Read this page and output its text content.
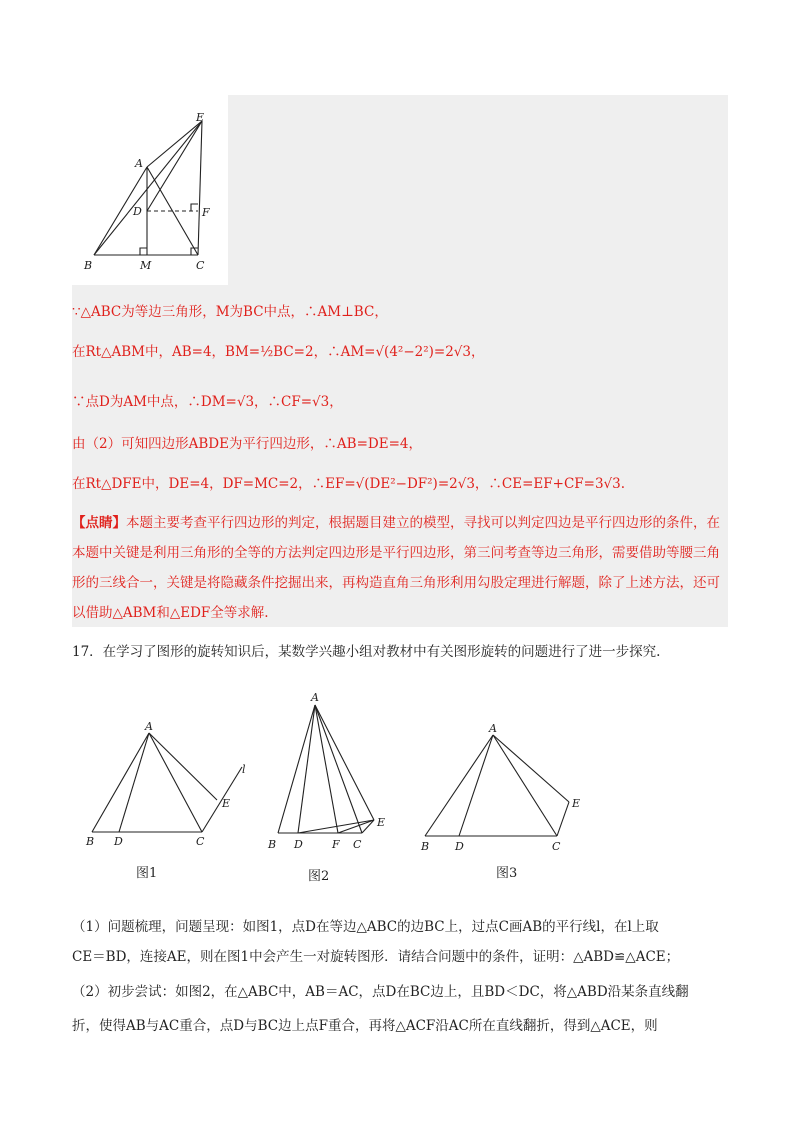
A
B	C
D
E
F
M
∵△ABC为等边三角形，M为BC中点，∴AM⊥BC，
在Rt△ABM中，AB=4，BM=½BC=2，∴AM=√(4²−2²)=2√3，
∵点D为AM中点，∴DM=√3，∴CF=√3，
由（2）可知四边形ABDE为平行四边形，∴AB=DE=4，
在Rt△DFE中，DE=4，DF=MC=2，∴EF=√(DE²−DF²)=2√3，∴CE=EF+CF=3√3.
【点睛】本题主要考查平行四边形的判定，根据题目建立的模型，寻找可以判定四边是平行四边形的条件，在本题中关键是利用三角形的全等的方法判定四边形是平行四边形，第三问考查等边三角形，需要借助等腰三角形的三线合一，关键是将隐藏条件挖掘出来，再构造直角三角形利用勾股定理进行解题，除了上述方法，还可以借助△ABM和△EDF全等求解.
17．在学习了图形的旋转知识后，某数学兴趣小组对教材中有关图形旋转的问题进行了进一步探究.
A
B D	C
E
l
A
B D	F C
E
A
B D	C
E
图1	图2	图3
（1）问题梳理，问题呈现：如图1，点D在等边△ABC的边BC上，过点C画AB的平行线l，在l上取
CE＝BD，连接AE，则在图1中会产生一对旋转图形．请结合问题中的条件，证明：△ABD≌△ACE；
（2）初步尝试：如图2，在△ABC中，AB＝AC，点D在BC边上，且BD＜DC，将△ABD沿某条直线翻
折，使得AB与AC重合，点D与BC边上点F重合，再将△ACF沿AC所在直线翻折，得到△ACE，则
